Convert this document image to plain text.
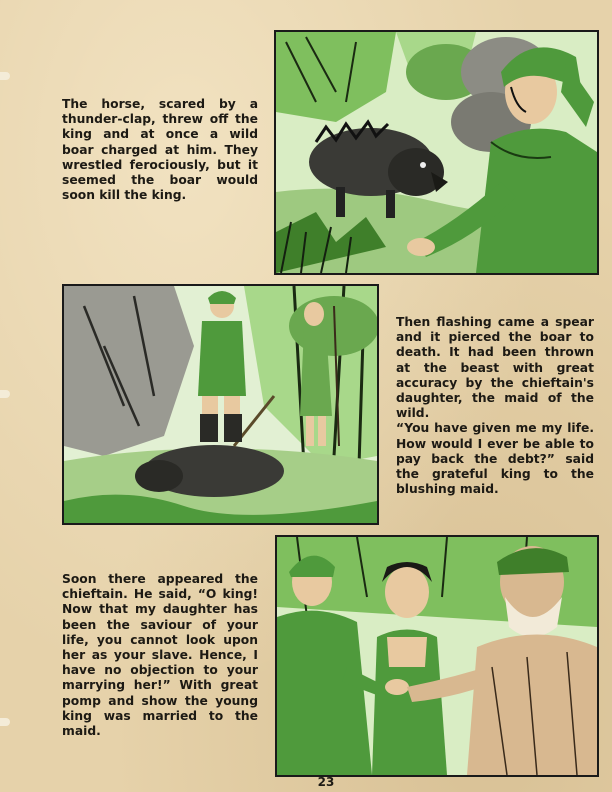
The horse, scared by a thunder-clap, threw off the king and at once a wild boar charged at him. They wrestled ferociously, but it seemed the boar would soon kill the king.

Then flashing came a spear and it pierced the boar to death. It had been thrown at the beast with great accuracy by the chieftain's daughter, the maid of the wild.

“You have given me my life. How would I ever be able to pay back the debt?” said the grateful king to the blushing maid.

Soon there appeared the chieftain. He said, “O king! Now that my daughter has been the saviour of your life, you cannot look upon her as your slave. Hence, I have no objection to your marrying her!” With great pomp and show the young king was married to the maid.

23
